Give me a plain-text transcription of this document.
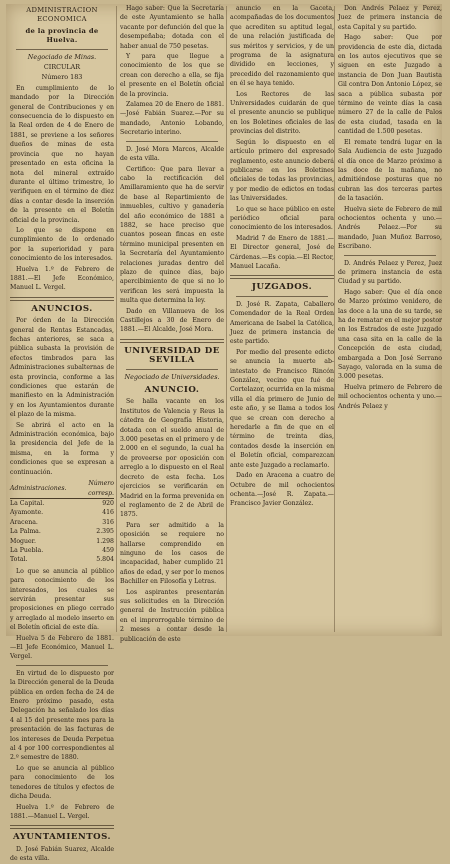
ADMINISTRACION ECONOMICA
de la provincia de Huelva.
Negociado de Minas.
CIRCULAR
Número 183

En cumplimiento de lo mandado por la Dirección general de Contribuciones y en consecuencia de lo dispuesto en la Real orden de 4 de Enero de 1881, se previene a los señores dueños de minas de esta provincia que no hayan presentado en esta oficina la nota del mineral extraído durante el último trimestre, lo verifiquen en el término de diez días a contar desde la inserción de la presente en el Boletín oficial de la provincia.

Lo que se dispone en cumplimiento de lo ordenado por la superioridad y para conocimiento de los interesados.

Huelva 1.º de Febrero de 1881.—El Jefe Económico, Manuel L. Vergel.

ANUNCIOS.

Por órden de la Dirección general de Rentas Estancadas, fechas anteriores, se saca a pública subasta la provisión de efectos timbrados para las Administraciones subalternas de esta provincia, conforme a las condiciones que estarán de manifiesto en la Administración y en los Ayuntamientos durante el plazo de la misma.

Se abrirá el acto en la Administración económica, bajo la presidencia del Jefe de la misma, en la forma y condiciones que se expresan a continuación.

Administraciones.	Número corresp.
La Capital.	920
Ayamonte.	416
Aracena.	316
La Palma.	2.395
Moguer.	1.298
La Puebla.	459
Total.	5.804

Lo que se anuncia al público para conocimiento de los interesados, los cuales se servirán presentar sus proposiciones en pliego cerrado y arreglado al modelo inserto en el Boletín oficial de este día.

Huelva 5 de Febrero de 1881.—El Jefe Económico, Manuel L. Vergel.

En virtud de lo dispuesto por la Dirección general de la Deuda pública en orden fecha de 24 de Enero próximo pasado, esta Delegación ha señalado los días 4 al 15 del presente mes para la presentación de las facturas de los intereses de Deuda Perpetua al 4 por 100 correspondientes al 2.º semestre de 1880.

Lo que se anuncia al público para conocimiento de los tenedores de títulos y efectos de dicha Deuda.

Huelva 1.º de Febrero de 1881.—Manuel L. Vergel.

AYUNTAMIENTOS.

D. José Fabián Suarez, Alcalde de esta villa.

Hago saber: Que la Secretaría de este Ayuntamiento se halla vacante por defunción del que la desempeñaba; dotada con el haber anual de 750 pesetas.

Y para que llegue a conocimiento de los que se crean con derecho a ella, se fija el presente en el Boletín oficial de la provincia.

Zalamea 20 de Enero de 1881.—José Fabián Suarez.—Por su mandado, Antonio Lobando, Secretario interino.

D. José Mora Marcos, Alcalde de esta villa.

Certifico: Que para llevar a cabo la rectificación del Amillaramiento que ha de servir de base al Repartimiento de inmuebles, cultivo y ganadería del año económico de 1881 a 1882, se hace preciso que cuantos posean fincas en este término municipal presenten en la Secretaría del Ayuntamiento relaciones juradas dentro del plazo de quince días, bajo apercibimiento de que si no lo verifican les será impuesta la multa que determina la ley.

Dado en Villanueva de los Castillejos a 30 de Enero de 1881.—El Alcalde, José Mora.

UNIVERSIDAD DE SEVILLA
Negociado de Universidades.
ANUNCIO.

Se halla vacante en los Institutos de Valencia y Reus la cátedra de Geografía Historia, dotada con el sueldo anual de 3.000 pesetas en el primero y de 2.000 en el segundo, la cual ha de proveerse por oposición con arreglo a lo dispuesto en el Real decreto de esta fecha. Los ejercicios se verificarán en Madrid en la forma prevenida en el reglamento de 2 de Abril de 1875.

Para ser admitido a la oposición se requiere no hallarse comprendido en ninguno de los casos de incapacidad, haber cumplido 21 años de edad, y ser por lo menos Bachiller en Filosofía y Letras.

Los aspirantes presentarán sus solicitudes en la Dirección general de Instrucción pública en el improrrogable término de 2 meses a contar desde la publicación de este

anuncio en la Gaceta, acompañadas de los documentos que acrediten su aptitud legal, de una relación justificada de sus méritos y servicios, y de un programa de la asignatura dividido en lecciones, y precedido del razonamiento que en él se haya tenido.

Los Rectores de las Universidades cuidarán de que el presente anuncio se publique en los Boletines oficiales de las provincias del distrito.

Según lo dispuesto en el artículo primero del expresado reglamento, este anuncio deberá publicarse en los Boletines oficiales de todas las provincias, y por medio de edictos en todas las Universidades.

Lo que se hace público en este periódico oficial para conocimiento de los interesados.

Madrid 7 de Enero de 1881.—El Director general, José de Cárdenas.—Es copia.—El Rector, Manuel Lacaña.

JUZGADOS.

D. José R. Zapata, Caballero Comendador de la Real Orden Americana de Isabel la Católica, Juez de primera instancia de este partido.

Por medio del presente edicto se anuncia la muerte ab-intestato de Francisco Rincón González, vecino que fué de Cortelazor, ocurrida en la misma villa el día primero de Junio de este año, y se llama a todos los que se crean con derecho a heredarle a fin de que en el término de treinta días, contados desde la inserción en el Boletín oficial, comparezcan ante este Juzgado a reclamarlo.

Dado en Aracena a cuatro de Octubre de mil ochocientos ochenta.—José R. Zapata.—Francisco Javier González.

Don Andrés Pelaez y Perez, Juez de primera instancia de esta Capital y su partido.

Hago saber: Que por providencia de este día, dictada en los autos ejecutivos que se siguen en este Juzgado a instancia de Don Juan Bautista Gil contra Don Antonio López, se saca a pública subasta por término de veinte días la casa número 27 de la calle de Palos de esta ciudad, tasada en la cantidad de 1.500 pesetas.

El remate tendrá lugar en la Sala Audiencia de este Juzgado el día once de Marzo próximo a las doce de la mañana, no admitiéndose posturas que no cubran las dos terceras partes de la tasación.

Huelva siete de Febrero de mil ochocientos ochenta y uno.—Andrés Pelaez.—Por su mandado, Juan Muñoz Barroso, Escribano.

D. Andrés Pelaez y Perez, Juez de primera instancia de esta Ciudad y su partido.

Hago saber: Que el día once de Marzo próximo venidero, de las doce a la una de su tarde, se ha de rematar en el mejor postor en los Estrados de este Juzgado una casa sita en la calle de la Concepción de esta ciudad, embargada a Don José Serrano Sayago, valorada en la suma de 3.000 pesetas.

Huelva primero de Febrero de mil ochocientos ochenta y uno.—Andrés Pelaez y
